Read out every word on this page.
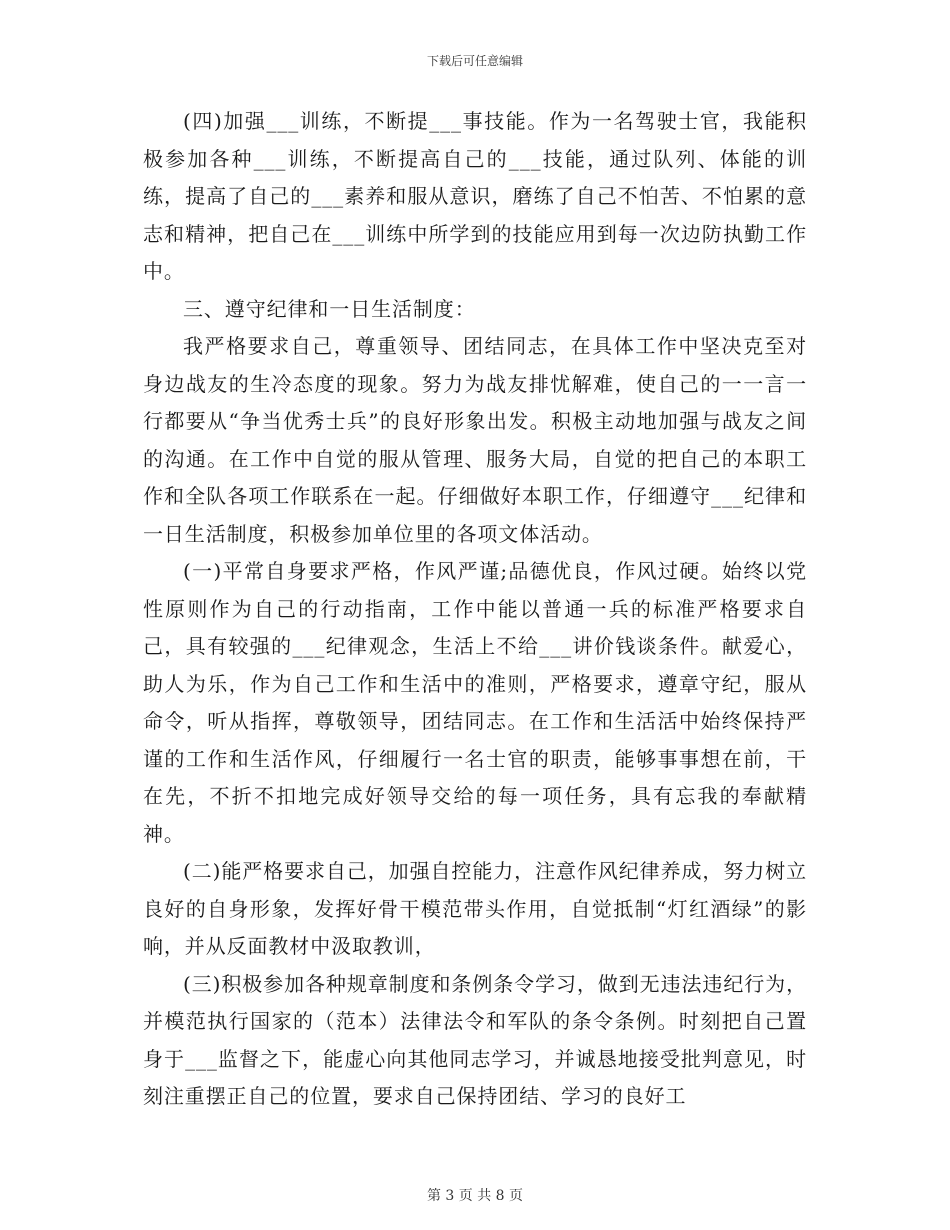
下载后可任意编辑

(四)加强___训练，不断提___事技能。作为一名驾驶士官，我能积极参加各种___训练，不断提高自己的___技能，通过队列、体能的训练，提高了自己的___素养和服从意识，磨练了自己不怕苦、不怕累的意志和精神，把自己在___训练中所学到的技能应用到每一次边防执勤工作中。

三、遵守纪律和一日生活制度：

我严格要求自己，尊重领导、团结同志，在具体工作中坚决克至对身边战友的生冷态度的现象。努力为战友排忧解难，使自己的一一言一行都要从“争当优秀士兵”的良好形象出发。积极主动地加强与战友之间的沟通。在工作中自觉的服从管理、服务大局，自觉的把自己的本职工作和全队各项工作联系在一起。仔细做好本职工作，仔细遵守___纪律和一日生活制度，积极参加单位里的各项文体活动。

(一)平常自身要求严格，作风严谨;品德优良，作风过硬。始终以党性原则作为自己的行动指南，工作中能以普通一兵的标准严格要求自己，具有较强的___纪律观念，生活上不给___讲价钱谈条件。献爱心，助人为乐，作为自己工作和生活中的准则，严格要求，遵章守纪，服从命令，听从指挥，尊敬领导，团结同志。在工作和生活活中始终保持严谨的工作和生活作风，仔细履行一名士官的职责，能够事事想在前，干在先，不折不扣地完成好领导交给的每一项任务，具有忘我的奉献精神。

(二)能严格要求自己，加强自控能力，注意作风纪律养成，努力树立良好的自身形象，发挥好骨干模范带头作用，自觉抵制“灯红酒绿”的影响，并从反面教材中汲取教训，

(三)积极参加各种规章制度和条例条令学习，做到无违法违纪行为，并模范执行国家的（范本）法律法令和军队的条令条例。时刻把自己置身于___监督之下，能虚心向其他同志学习，并诚恳地接受批判意见，时刻注重摆正自己的位置，要求自己保持团结、学习的良好工

第 3 页 共 8 页
